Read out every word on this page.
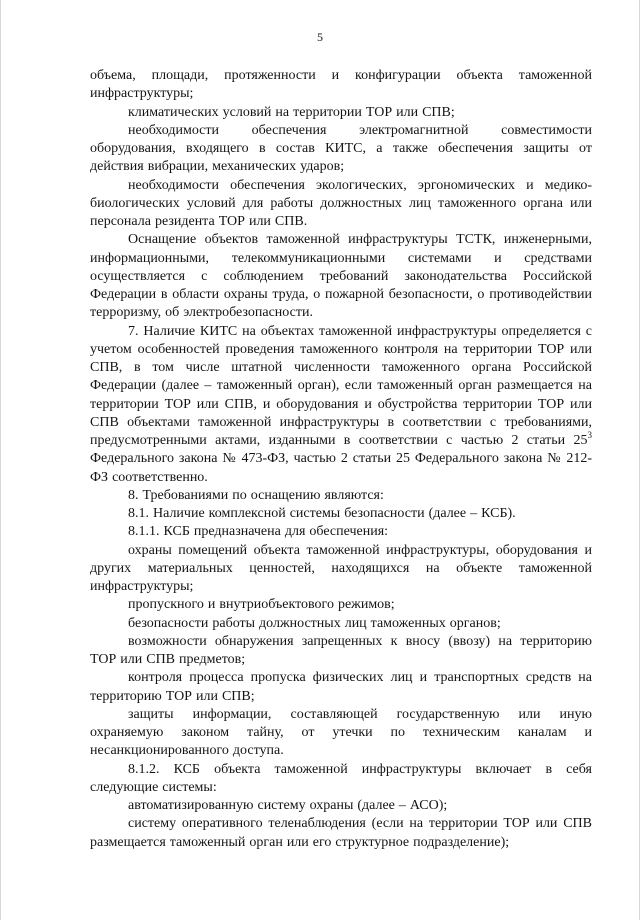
5

объема, площади, протяженности и конфигурации объекта таможенной инфраструктуры;

климатических условий на территории ТОР или СПВ;

необходимости обеспечения электромагнитной совместимости оборудования, входящего в состав КИТС, а также обеспечения защиты от действия вибрации, механических ударов;

необходимости обеспечения экологических, эргономических и медико-биологических условий для работы должностных лиц таможенного органа или персонала резидента ТОР или СПВ.

Оснащение объектов таможенной инфраструктуры ТСТК, инженерными, информационными, телекоммуникационными системами и средствами осуществляется с соблюдением требований законодательства Российской Федерации в области охраны труда, о пожарной безопасности, о противодействии терроризму, об электробезопасности.

7. Наличие КИТС на объектах таможенной инфраструктуры определяется с учетом особенностей проведения таможенного контроля на территории ТОР или СПВ, в том числе штатной численности таможенного органа Российской Федерации (далее – таможенный орган), если таможенный орган размещается на территории ТОР или СПВ, и оборудования и обустройства территории ТОР или СПВ объектами таможенной инфраструктуры в соответствии с требованиями, предусмотренными актами, изданными в соответствии с частью 2 статьи $25^3$ Федерального закона № 473-ФЗ, частью 2 статьи 25 Федерального закона № 212-ФЗ соответственно.

8. Требованиями по оснащению являются:

8.1. Наличие комплексной системы безопасности (далее – КСБ).

8.1.1. КСБ предназначена для обеспечения:

охраны помещений объекта таможенной инфраструктуры, оборудования и других материальных ценностей, находящихся на объекте таможенной инфраструктуры;

пропускного и внутриобъектового режимов;

безопасности работы должностных лиц таможенных органов;

возможности обнаружения запрещенных к вносу (ввозу) на территорию ТОР или СПВ предметов;

контроля процесса пропуска физических лиц и транспортных средств на территорию ТОР или СПВ;

защиты информации, составляющей государственную или иную охраняемую законом тайну, от утечки по техническим каналам и несанкционированного доступа.

8.1.2. КСБ объекта таможенной инфраструктуры включает в себя следующие системы:

автоматизированную систему охраны (далее – АСО);

систему оперативного теленаблюдения (если на территории ТОР или СПВ размещается таможенный орган или его структурное подразделение);
